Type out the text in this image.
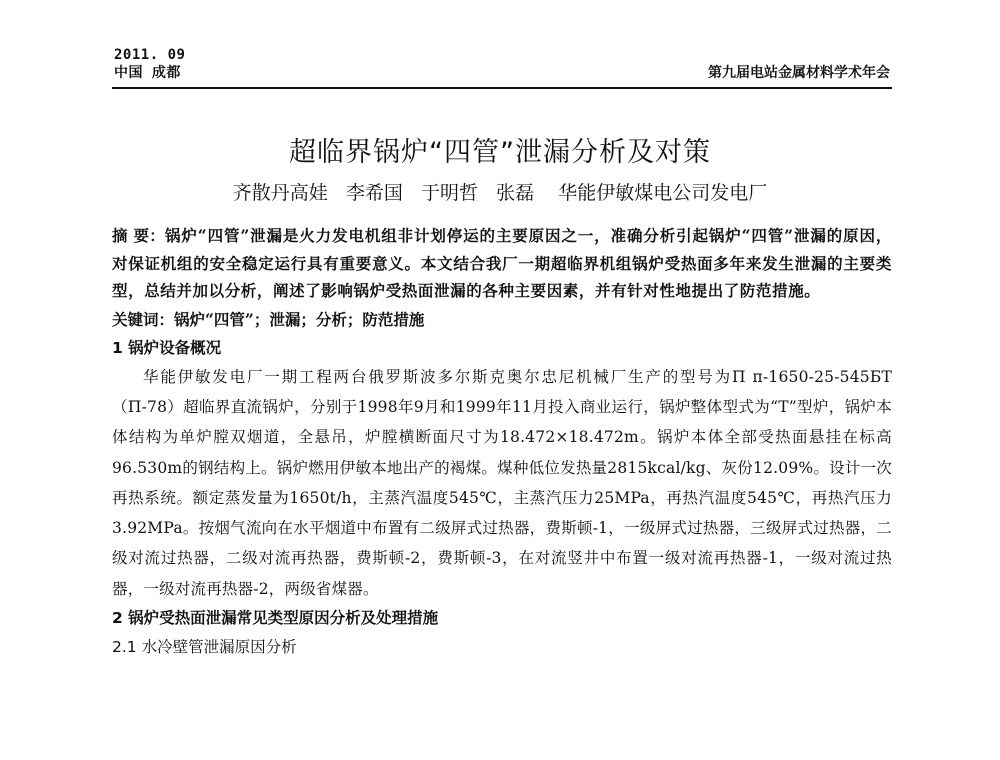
2011. 09
中国 成都	第九届电站金属材料学术年会
超临界锅炉“四管”泄漏分析及对策
齐散丹高娃   李希国   于明哲   张磊    华能伊敏煤电公司发电厂
摘 要：锅炉“四管”泄漏是火力发电机组非计划停运的主要原因之一，准确分析引起锅炉“四管”泄漏的原因，对保证机组的安全稳定运行具有重要意义。本文结合我厂一期超临界机组锅炉受热面多年来发生泄漏的主要类型，总结并加以分析，阐述了影响锅炉受热面泄漏的各种主要因素，并有针对性地提出了防范措施。
关键词：锅炉“四管”；泄漏；分析；防范措施
1 锅炉设备概况
华能伊敏发电厂一期工程两台俄罗斯波多尔斯克奥尔忠尼机械厂生产的型号为П п-1650-25-545БТ（П-78）超临界直流锅炉，分别于1998年9月和1999年11月投入商业运行，锅炉整体型式为“T”型炉，锅炉本体结构为单炉膛双烟道，全悬吊，炉膛横断面尺寸为18.472×18.472m。锅炉本体全部受热面悬挂在标高96.530m的钢结构上。锅炉燃用伊敏本地出产的褐煤。煤种低位发热量2815kcal/kg、灰份12.09%。设计一次再热系统。额定蒸发量为1650t/h，主蒸汽温度545℃，主蒸汽压力25MPa，再热汽温度545℃，再热汽压力3.92MPa。按烟气流向在水平烟道中布置有二级屏式过热器，费斯顿-1，一级屏式过热器，三级屏式过热器，二级对流过热器，二级对流再热器，费斯顿-2，费斯顿-3，在对流竖井中布置一级对流再热器-1，一级对流过热器，一级对流再热器-2，两级省煤器。
2 锅炉受热面泄漏常见类型原因分析及处理措施
2.1 水冷壁管泄漏原因分析
